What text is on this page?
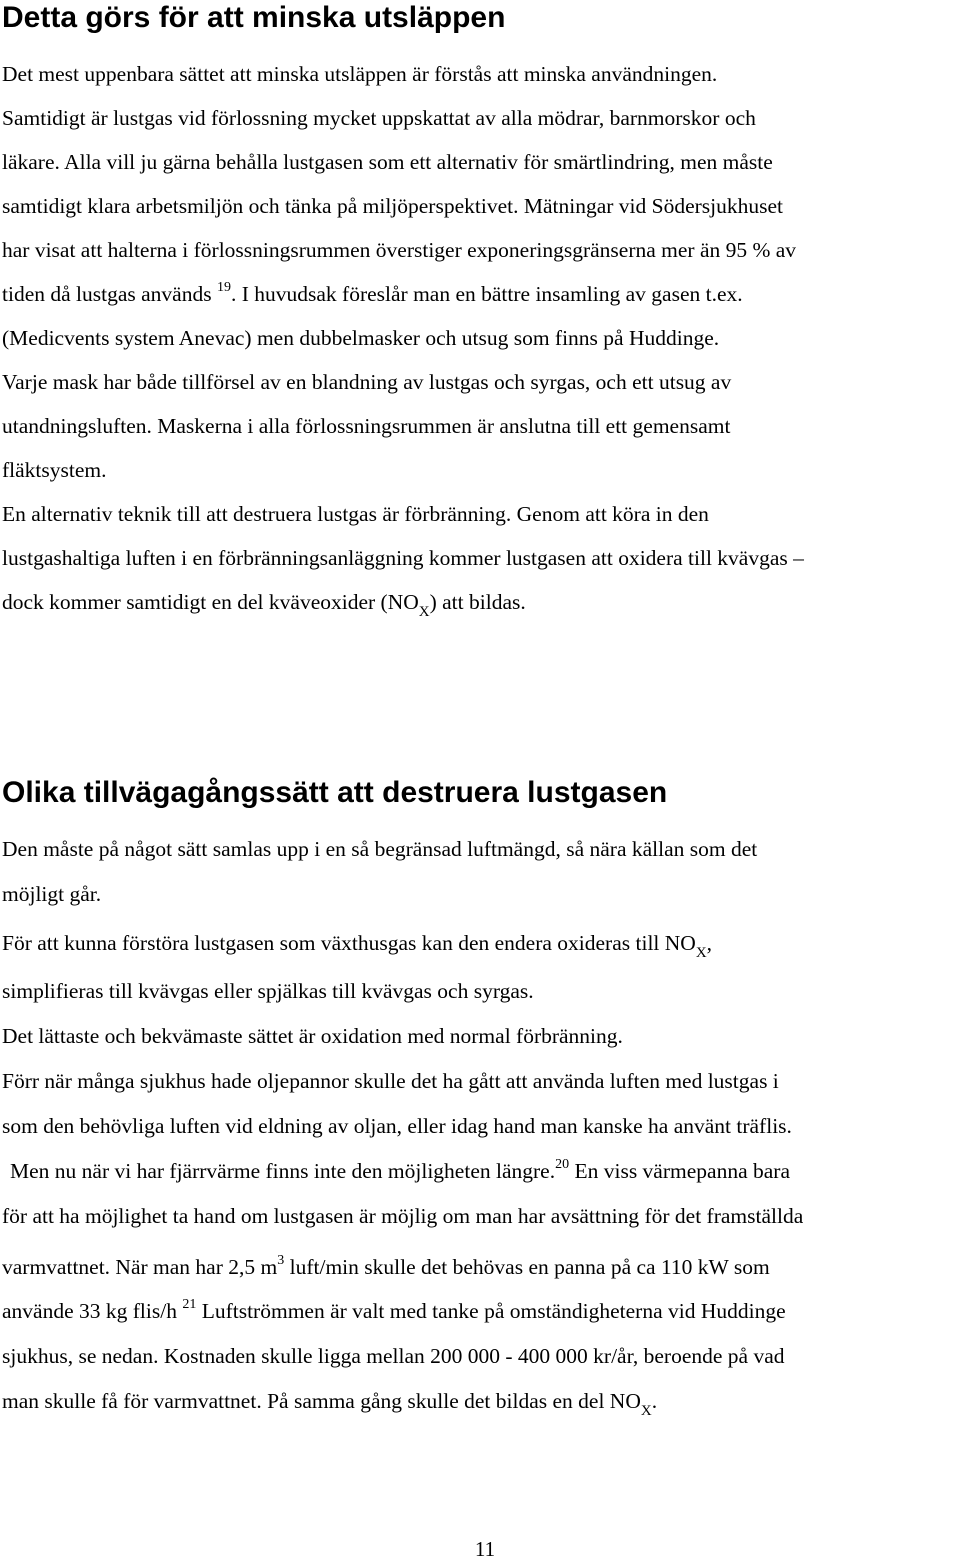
Detta görs för att minska utsläppen
Det mest uppenbara sättet att minska utsläppen är förstås att minska användningen.
Samtidigt är lustgas vid förlossning mycket uppskattat av alla mödrar, barnmorskor och
läkare. Alla vill ju gärna behålla lustgasen som ett alternativ för smärtlindring, men måste
samtidigt klara arbetsmiljön och tänka på miljöperspektivet. Mätningar vid Södersjukhuset
har visat att halterna i förlossningsrummen överstiger exponeringsgränserna mer än 95 % av
tiden då lustgas används $^{19}$. I huvudsak föreslår man en bättre insamling av gasen t.ex.
(Medicvents system Anevac) men dubbelmasker och utsug som finns på Huddinge.
Varje mask har både tillförsel av en blandning av lustgas och syrgas, och ett utsug av
utandningsluften. Maskerna i alla förlossningsrummen är anslutna till ett gemensamt
fläktsystem.
En alternativ teknik till att destruera lustgas är förbränning. Genom att köra in den
lustgashaltiga luften i en förbränningsanläggning kommer lustgasen att oxidera till kvävgas –
dock kommer samtidigt en del kväveoxider $(NO_X)$ att bildas.
Olika tillvägagångssätt att destruera lustgasen
Den måste på något sätt samlas upp i en så begränsad luftmängd, så nära källan som det
möjligt går.
För att kunna förstöra lustgasen som växthusgas kan den endera oxideras till $NO_X$,
simplifieras till kvävgas eller spjälkas till kvävgas och syrgas.
Det lättaste och bekvämaste sättet är oxidation med normal förbränning.
Förr när många sjukhus hade oljepannor skulle det ha gått att använda luften med lustgas i
som den behövliga luften vid eldning av oljan, eller idag hand man kanske ha använt träflis.
Men nu när vi har fjärrvärme finns inte den möjligheten längre.$^{20}$ En viss värmepanna bara
för att ha möjlighet ta hand om lustgasen är möjlig om man har avsättning för det framställda
varmvattnet. När man har 2,5 $m^3$ luft/min skulle det behövas en panna på ca 110 kW som
använde 33 kg flis/h $^{21}$ Luftströmmen är valt med tanke på omständigheterna vid Huddinge
sjukhus, se nedan. Kostnaden skulle ligga mellan 200 000 - 400 000 kr/år, beroende på vad
man skulle få för varmvattnet. På samma gång skulle det bildas en del $NO_X$.
11
